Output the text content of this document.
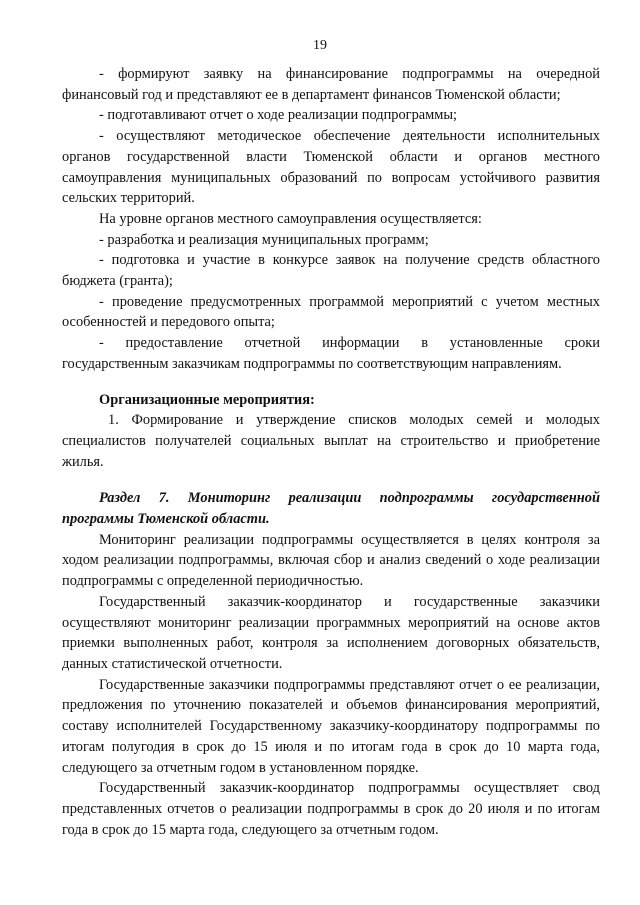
19

- формируют заявку на финансирование подпрограммы на очередной финансовый год и представляют ее в департамент финансов Тюменской области;

- подготавливают отчет о ходе реализации подпрограммы;

- осуществляют методическое обеспечение деятельности исполнительных органов государственной власти Тюменской области и органов местного самоуправления муниципальных образований по вопросам устойчивого развития сельских территорий.

На уровне органов местного самоуправления осуществляется:

- разработка и реализация муниципальных программ;

- подготовка и участие в конкурсе заявок на получение средств областного бюджета (гранта);

- проведение предусмотренных программой мероприятий с учетом местных особенностей и передового опыта;

- предоставление отчетной информации в установленные сроки государственным заказчикам подпрограммы по соответствующим направлениям.

Организационные мероприятия:

1. Формирование и утверждение списков молодых семей и молодых специалистов получателей социальных выплат на строительство и приобретение жилья.

Раздел 7. Мониторинг реализации подпрограммы государственной программы Тюменской области.

Мониторинг реализации подпрограммы осуществляется в целях контроля за ходом реализации подпрограммы, включая сбор и анализ сведений о ходе реализации подпрограммы с определенной периодичностью.

Государственный заказчик-координатор и государственные заказчики осуществляют мониторинг реализации программных мероприятий на основе актов приемки выполненных работ, контроля за исполнением договорных обязательств, данных статистической отчетности.

Государственные заказчики подпрограммы представляют отчет о ее реализации, предложения по уточнению показателей и объемов финансирования мероприятий, составу исполнителей Государственному заказчику-координатору подпрограммы по итогам полугодия в срок до 15 июля и по итогам года в срок до 10 марта года, следующего за отчетным годом в установленном порядке.

Государственный заказчик-координатор подпрограммы осуществляет свод представленных отчетов о реализации подпрограммы в срок до 20 июля и по итогам года в срок до 15 марта года, следующего за отчетным годом.
